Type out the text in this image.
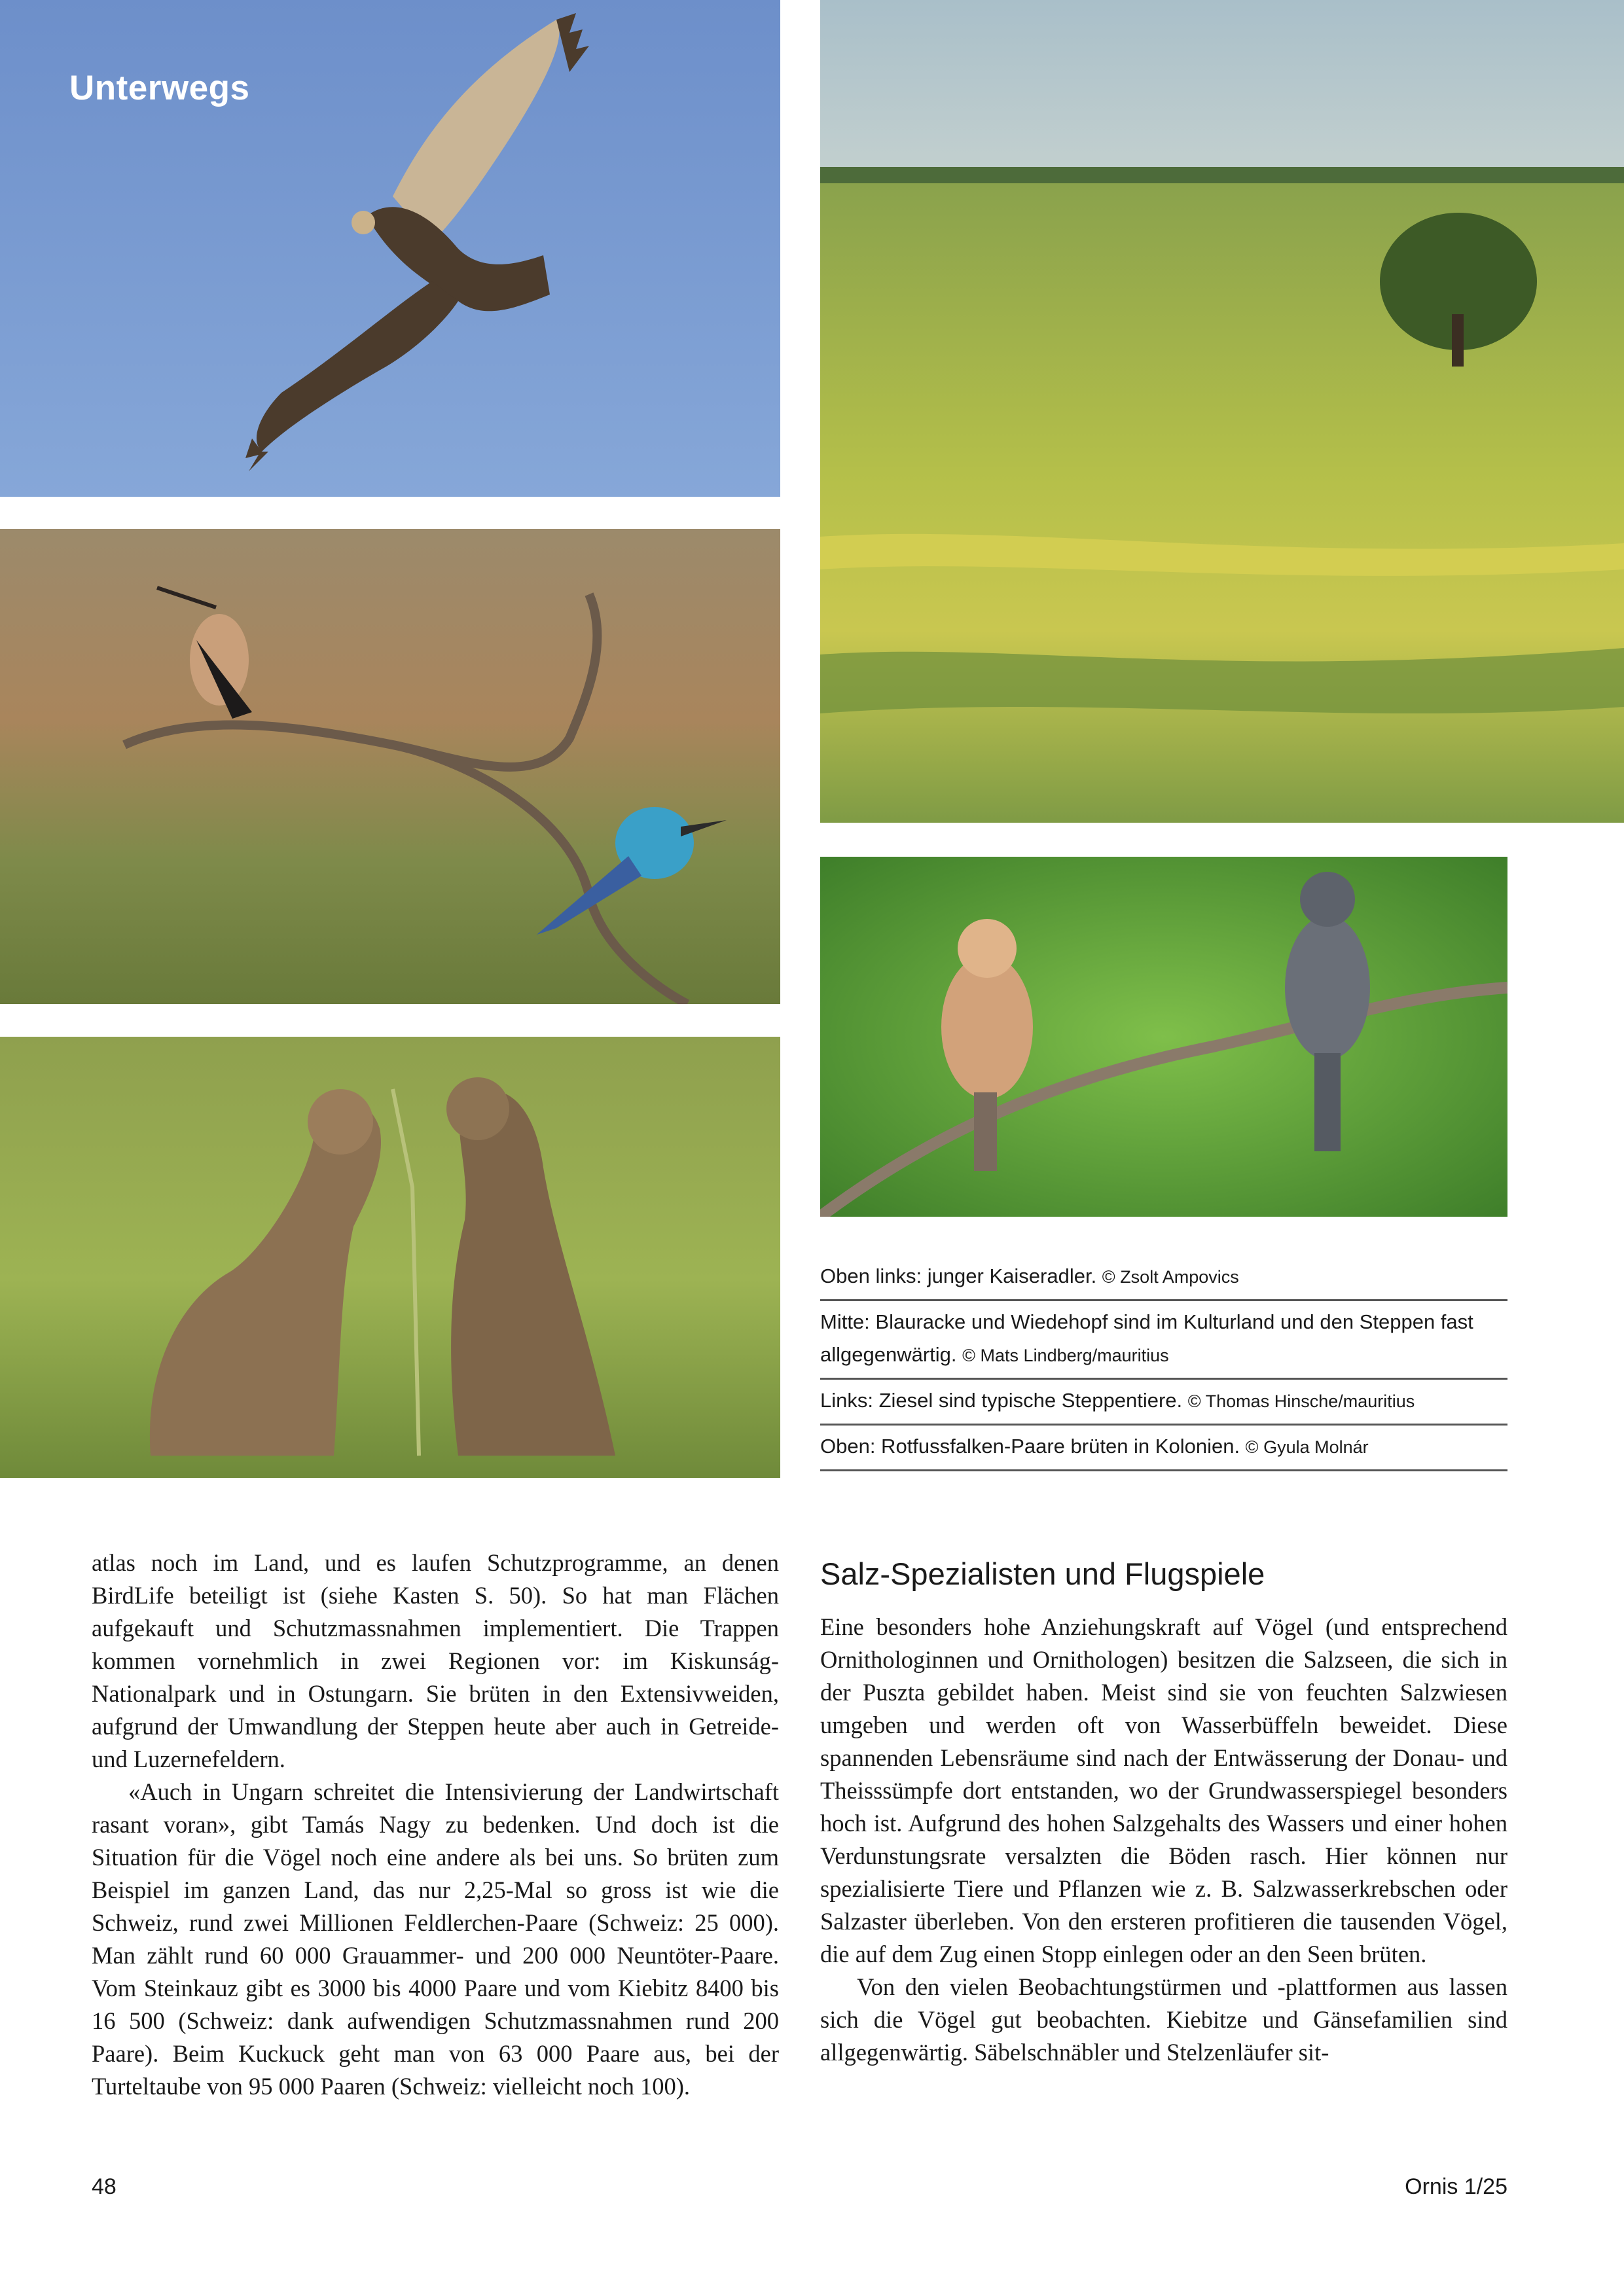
Unterwegs
Oben links: junger Kaiseradler. © Zsolt Ampovics
Mitte: Blauracke und Wiedehopf sind im Kulturland und den Steppen fast allgegenwärtig. © Mats Lindberg/mauritius
Links: Ziesel sind typische Steppentiere. © Thomas Hinsche/mauritius
Oben: Rotfussfalken-Paare brüten in Kolonien. © Gyula Molnár

atlas noch im Land, und es laufen Schutzprogramme, an denen BirdLife beteiligt ist (siehe Kasten S. 50). So hat man Flächen aufgekauft und Schutzmassnahmen implementiert. Die Trappen kommen vornehmlich in zwei Regionen vor: im Kiskunság-Nationalpark und in Ostungarn. Sie brüten in den Extensivweiden, aufgrund der Umwandlung der Steppen heute aber auch in Getreide- und Luzernefeldern.

«Auch in Ungarn schreitet die Intensivierung der Landwirtschaft rasant voran», gibt Tamás Nagy zu bedenken. Und doch ist die Situation für die Vögel noch eine andere als bei uns. So brüten zum Beispiel im ganzen Land, das nur 2,25-Mal so gross ist wie die Schweiz, rund zwei Millionen Feldlerchen-Paare (Schweiz: 25 000). Man zählt rund 60 000 Grauammer- und 200 000 Neuntöter-Paare. Vom Steinkauz gibt es 3000 bis 4000 Paare und vom Kiebitz 8400 bis 16 500 (Schweiz: dank aufwendigen Schutzmassnahmen rund 200 Paare). Beim Kuckuck geht man von 63 000 Paare aus, bei der Turteltaube von 95 000 Paaren (Schweiz: vielleicht noch 100).

Salz-Spezialisten und Flugspiele

Eine besonders hohe Anziehungskraft auf Vögel (und entsprechend Ornithologinnen und Ornithologen) besitzen die Salzseen, die sich in der Puszta gebildet haben. Meist sind sie von feuchten Salzwiesen umgeben und werden oft von Wasserbüffeln beweidet. Diese spannenden Lebensräume sind nach der Entwässerung der Donau- und Theisssümpfe dort entstanden, wo der Grundwasserspiegel besonders hoch ist. Aufgrund des hohen Salzgehalts des Wassers und einer hohen Verdunstungsrate versalzten die Böden rasch. Hier können nur spezialisierte Tiere und Pflanzen wie z. B. Salzwasserkrebschen oder Salzaster überleben. Von den ersteren profitieren die tausenden Vögel, die auf dem Zug einen Stopp einlegen oder an den Seen brüten.

Von den vielen Beobachtungstürmen und -plattformen aus lassen sich die Vögel gut beobachten. Kiebitze und Gänsefamilien sind allgegenwärtig. Säbelschnäbler und Stelzenläufer sit-

48	Ornis 1/25
